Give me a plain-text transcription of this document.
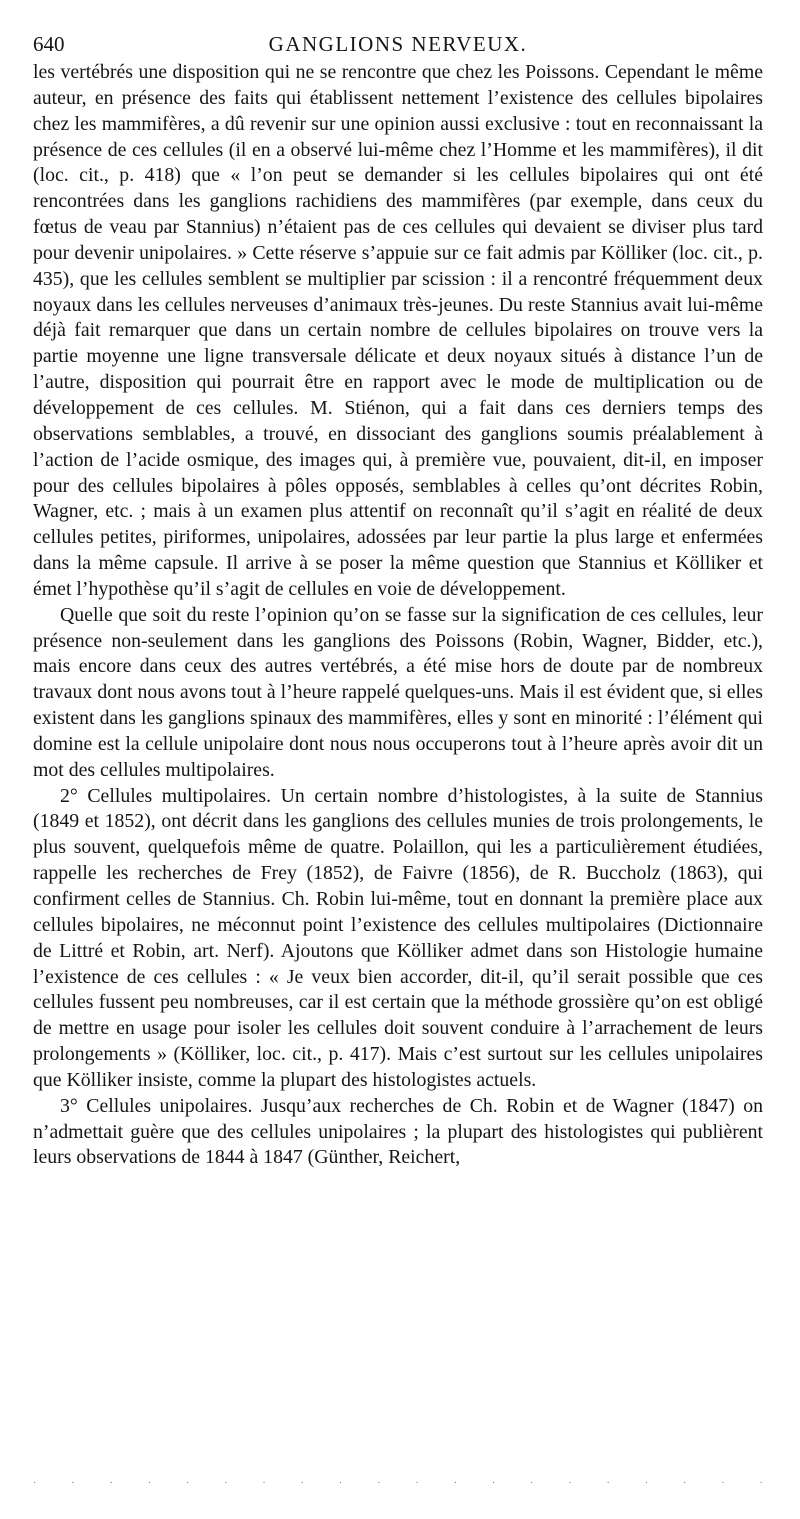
640	GANGLIONS NERVEUX.

les vertébrés une disposition qui ne se rencontre que chez les Poissons. Cependant le même auteur, en présence des faits qui établissent nettement l’existence des cellules bipolaires chez les mammifères, a dû revenir sur une opinion aussi exclusive : tout en reconnaissant la présence de ces cellules (il en a observé lui-même chez l’Homme et les mammifères), il dit (loc. cit., p. 418) que « l’on peut se demander si les cellules bipolaires qui ont été rencontrées dans les ganglions rachidiens des mammifères (par exemple, dans ceux du fœtus de veau par Stannius) n’étaient pas de ces cellules qui devaient se diviser plus tard pour devenir unipolaires. » Cette réserve s’appuie sur ce fait admis par Kölliker (loc. cit., p. 435), que les cellules semblent se multiplier par scission : il a rencontré fréquemment deux noyaux dans les cellules nerveuses d’animaux très-jeunes. Du reste Stannius avait lui-même déjà fait remarquer que dans un certain nombre de cellules bipolaires on trouve vers la partie moyenne une ligne transversale délicate et deux noyaux situés à distance l’un de l’autre, disposition qui pourrait être en rapport avec le mode de multiplication ou de développement de ces cellules. M. Stiénon, qui a fait dans ces derniers temps des observations semblables, a trouvé, en dissociant des ganglions soumis préalablement à l’action de l’acide osmique, des images qui, à première vue, pouvaient, dit-il, en imposer pour des cellules bipolaires à pôles opposés, semblables à celles qu’ont décrites Robin, Wagner, etc. ; mais à un examen plus attentif on reconnaît qu’il s’agit en réalité de deux cellules petites, piriformes, unipolaires, adossées par leur partie la plus large et enfermées dans la même capsule. Il arrive à se poser la même question que Stannius et Kölliker et émet l’hypothèse qu’il s’agit de cellules en voie de développement.

Quelle que soit du reste l’opinion qu’on se fasse sur la signification de ces cellules, leur présence non-seulement dans les ganglions des Poissons (Robin, Wagner, Bidder, etc.), mais encore dans ceux des autres vertébrés, a été mise hors de doute par de nombreux travaux dont nous avons tout à l’heure rappelé quelques-uns. Mais il est évident que, si elles existent dans les ganglions spinaux des mammifères, elles y sont en minorité : l’élément qui domine est la cellule unipolaire dont nous nous occuperons tout à l’heure après avoir dit un mot des cellules multipolaires.

2° Cellules multipolaires. Un certain nombre d’histologistes, à la suite de Stannius (1849 et 1852), ont décrit dans les ganglions des cellules munies de trois prolongements, le plus souvent, quelquefois même de quatre. Polaillon, qui les a particulièrement étudiées, rappelle les recherches de Frey (1852), de Faivre (1856), de R. Buccholz (1863), qui confirment celles de Stannius. Ch. Robin lui-même, tout en donnant la première place aux cellules bipolaires, ne méconnut point l’existence des cellules multipolaires (Dictionnaire de Littré et Robin, art. Nerf). Ajoutons que Kölliker admet dans son Histologie humaine l’existence de ces cellules : « Je veux bien accorder, dit-il, qu’il serait possible que ces cellules fussent peu nombreuses, car il est certain que la méthode grossière qu’on est obligé de mettre en usage pour isoler les cellules doit souvent conduire à l’arrachement de leurs prolongements » (Kölliker, loc. cit., p. 417). Mais c’est surtout sur les cellules unipolaires que Kölliker insiste, comme la plupart des histologistes actuels.

3° Cellules unipolaires. Jusqu’aux recherches de Ch. Robin et de Wagner (1847) on n’admettait guère que des cellules unipolaires ; la plupart des histologistes qui publièrent leurs observations de 1844 à 1847 (Günther, Reichert,

·	·	·	·	·	·	·	·	·	·	·	·	·	·	·	·	·	·	·	·
